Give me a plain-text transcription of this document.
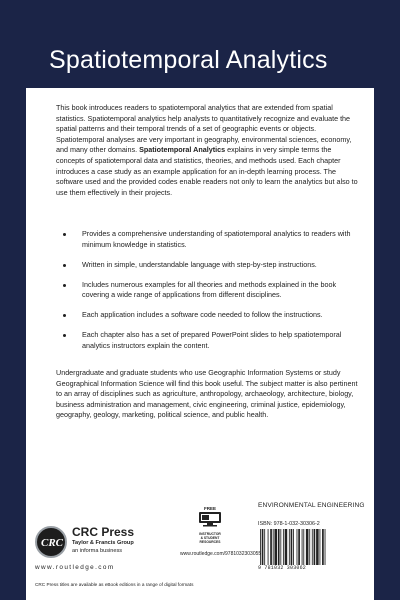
Spatiotemporal Analytics
This book introduces readers to spatiotemporal analytics that are extended from spatial statistics. Spatiotemporal analytics help analysts to quantitatively recognize and evaluate the spatial patterns and their temporal trends of a set of geographic events or objects. Spatiotemporal analyses are very important in geography, environmental sciences, economy, and many other domains. Spatiotemporal Analytics explains in very simple terms the concepts of spatiotemporal data and statistics, theories, and methods used. Each chapter introduces a case study as an example application for an in-depth learning process. The software used and the provided codes enable readers not only to learn the analytics but also to use them effectively in their projects.
Provides a comprehensive understanding of spatiotemporal analytics to readers with minimum knowledge in statistics.
Written in simple, understandable language with step-by-step instructions.
Includes numerous examples for all theories and methods explained in the book covering a wide range of applications from different disciplines.
Each application includes a software code needed to follow the instructions.
Each chapter also has a set of prepared PowerPoint slides to help spatiotemporal analytics instructors explain the content.
Undergraduate and graduate students who use Geographic Information Systems or study Geographical Information Science will find this book useful. The subject matter is also pertinent to an array of disciplines such as agriculture, anthropology, archaeology, architecture, biology, business administration and management, civic engineering, criminal justice, epidemiology, geography, geology, marketing, political science, and public health.
ENVIRONMENTAL ENGINEERING
ISBN: 978-1-032-30306-2
9 781032 303062
FREE
INSTRUCTOR
& STUDENT
RESOURCES
www.routledge.com/9781032303055
CRC
CRC Press
Taylor & Francis Group
an informa business
www.routledge.com
CRC Press titles are available as eBook editions in a range of digital formats
